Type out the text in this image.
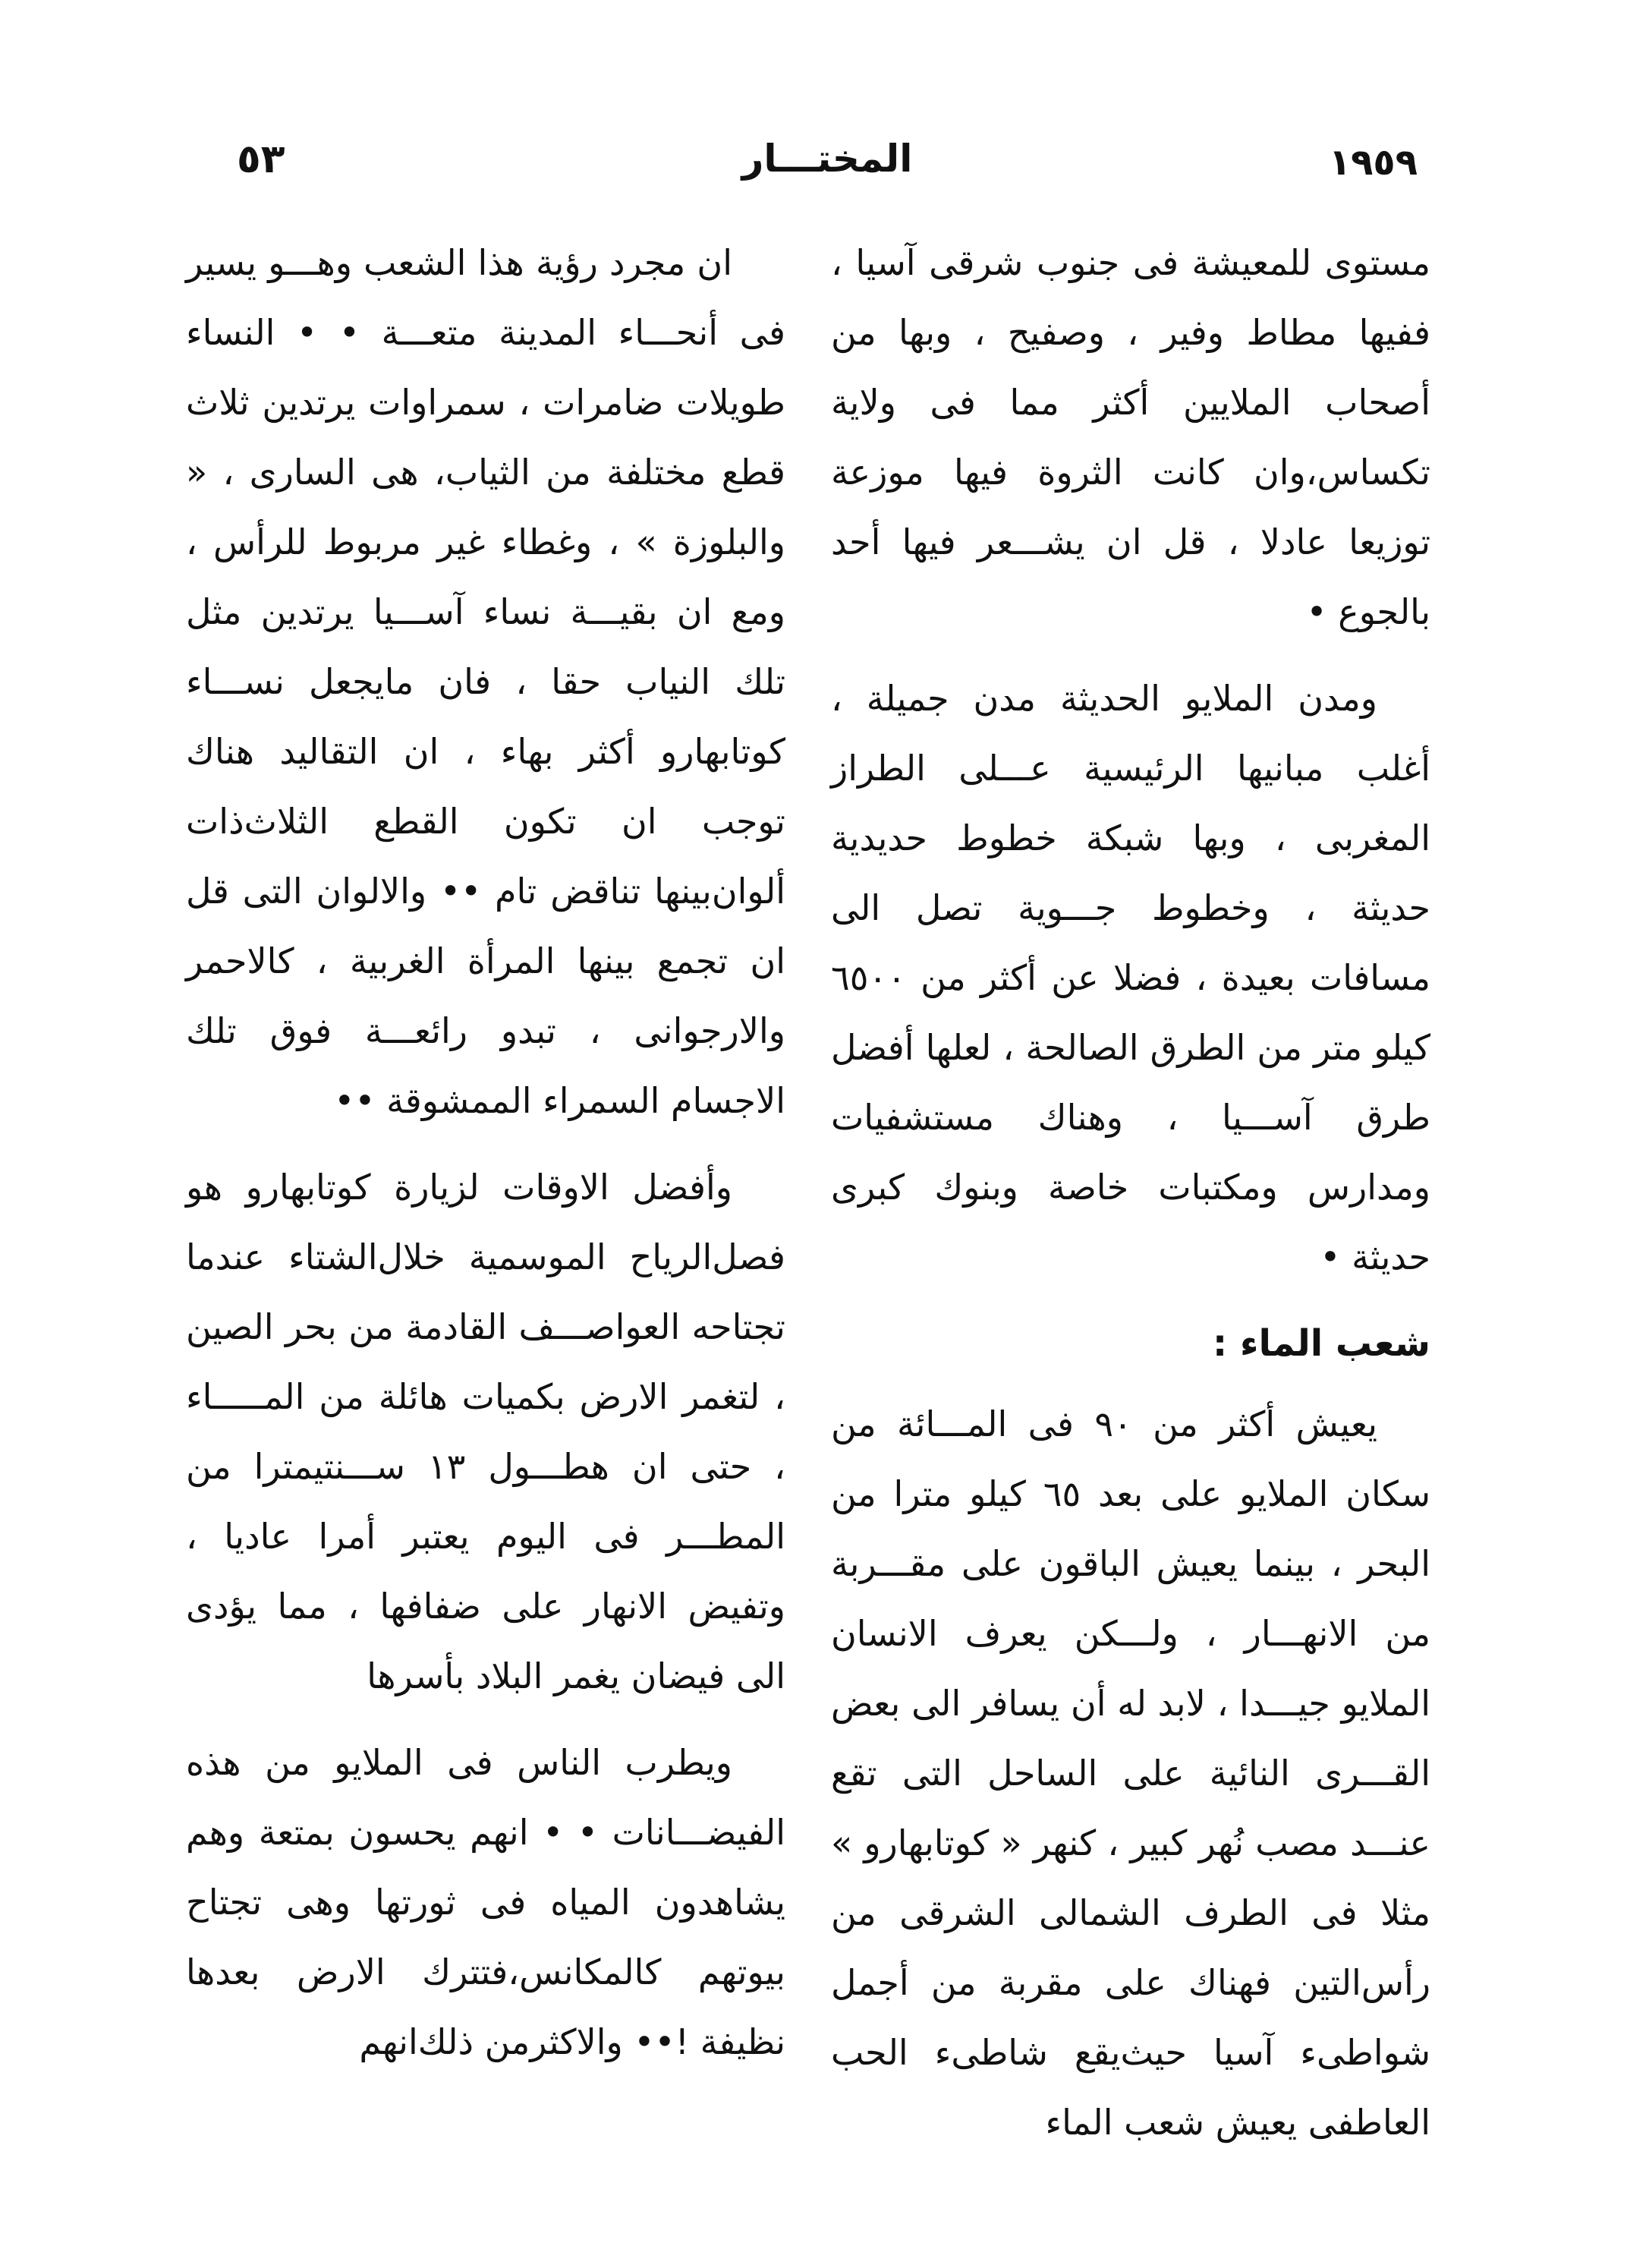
٥٣	المختـــار	١٩٥٩

مستوى للمعيشة فى جنوب شرقى آسيا ، ففيها مطاط وفير ، وصفيح ، وبها من أصحاب الملايين أكثر مما فى ولاية تكساس،وان كانت الثروة فيها موزعة توزيعا عادلا ، قل ان يشـــعر فيها أحد بالجوع •

ومدن الملايو الحديثة مدن جميلة ، أغلب مبانيها الرئيسية عـــلى الطراز المغربى ، وبها شبكة خطوط حديدية حديثة ، وخطوط جـــوية تصل الى مسافات بعيدة ، فضلا عن أكثر من ٦٥٠٠ كيلو متر من الطرق الصالحة ، لعلها أفضل طرق آســـيا ، وهناك مستشفيات ومدارس ومكتبات خاصة وبنوك كبرى حديثة •

شعب الماء :

يعيش أكثر من ٩٠ فى المـــائة من سكان الملايو على بعد ٦٥ كيلو مترا من البحر ، بينما يعيش الباقون على مقـــربة من الانهـــار ، ولـــكن يعرف الانسان الملايو جيـــدا ، لابد له أن يسافر الى بعض القـــرى النائية على الساحل التى تقع عنـــد مصب نُهر كبير ، كنهر « كوتابهارو » مثلا فى الطرف الشمالى الشرقى من رأس‌التين فهناك على مقربة من أجمل شواطىء آسيا حيث‌يقع شاطىء الحب العاطفى يعيش شعب الماء

ان مجرد رؤية هذا الشعب وهـــو يسير فى أنحـــاء المدينة متعـــة • • النساء طويلات ضامرات ، سمراوات يرتدين ثلاث قطع مختلفة من الثياب، هى السارى ، « والبلوزة » ، وغطاء غير مربوط للرأس ، ومع ان بقيـــة نساء آســـيا يرتدين مثل تلك النياب حقا ، فان مايجعل نســـاء كوتابهارو أكثر بهاء ، ان التقاليد هناك توجب ان تكون القطع الثلاث‌ذات ألوان‌بينها تناقض تام •• والالوان التى قل ان تجمع بينها المرأة الغربية ، كالاحمر والارجوانى ، تبدو رائعـــة فوق تلك الاجسام السمراء الممشوقة ••

وأفضل الاوقات لزيارة كوتابهارو هو فصل‌الرياح الموسمية خلال‌الشتاء عندما تجتاحه العواصـــف القادمة من بحر الصين ، لتغمر الارض بكميات هائلة من المـــــاء ، حتى ان هطـــول ١٣ ســـنتيمترا من المطـــر فى اليوم يعتبر أمرا عاديا ، وتفيض الانهار على ضفافها ، مما يؤدى الى فيضان يغمر البلاد بأسرها

ويطرب الناس فى الملايو من هذه الفيضـــانات • • انهم يحسون بمتعة وهم يشاهدون المياه فى ثورتها وهى تجتاح بيوتهم كالمكانس،فتترك الارض بعدها نظيفة !•• والاكثرمن ذلك‌انهم
